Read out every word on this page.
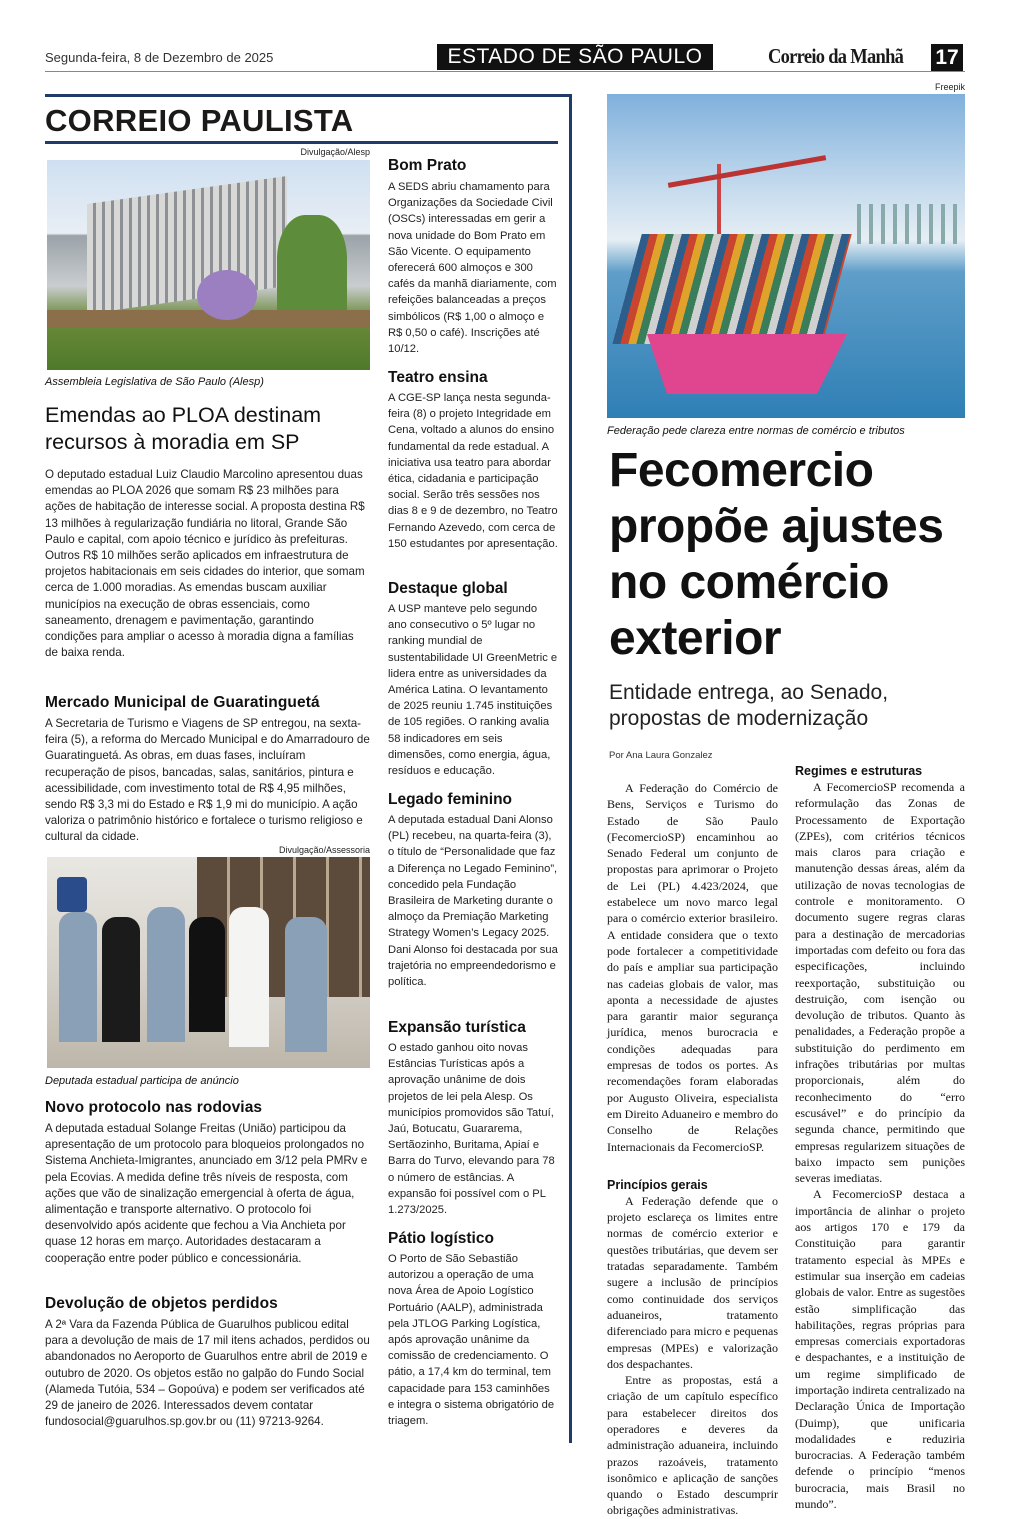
Segunda-feira, 8 de Dezembro de 2025	ESTADO DE SÃO PAULO	Correio da Manhã 17
CORREIO PAULISTA
Divulgação/Alesp
Assembleia Legislativa de São Paulo (Alesp)
Emendas ao PLOA destinam recursos à moradia em SP
O deputado estadual Luiz Claudio Marcolino apresentou duas emendas ao PLOA 2026 que somam R$ 23 milhões para ações de habitação de interesse social. A proposta destina R$ 13 milhões à regularização fundiária no litoral, Grande São Paulo e capital, com apoio técnico e jurídico às prefeituras. Outros R$ 10 milhões serão aplicados em infraestrutura de projetos habitacionais em seis cidades do interior, que somam cerca de 1.000 moradias. As emendas buscam auxiliar municípios na execução de obras essenciais, como saneamento, drenagem e pavimentação, garantindo condições para ampliar o acesso à moradia digna a famílias de baixa renda.
Mercado Municipal de Guaratinguetá
A Secretaria de Turismo e Viagens de SP entregou, na sexta-feira (5), a reforma do Mercado Municipal e do Amarradouro de Guaratinguetá. As obras, em duas fases, incluíram recuperação de pisos, bancadas, salas, sanitários, pintura e acessibilidade, com investimento total de R$ 4,95 milhões, sendo R$ 3,3 mi do Estado e R$ 1,9 mi do município. A ação valoriza o patrimônio histórico e fortalece o turismo religioso e cultural da cidade.
Divulgação/Assessoria
Deputada estadual participa de anúncio
Novo protocolo nas rodovias
A deputada estadual Solange Freitas (União) participou da apresentação de um protocolo para bloqueios prolongados no Sistema Anchieta-Imigrantes, anunciado em 3/12 pela PMRv e pela Ecovias. A medida define três níveis de resposta, com ações que vão de sinalização emergencial à oferta de água, alimentação e transporte alternativo. O protocolo foi desenvolvido após acidente que fechou a Via Anchieta por quase 12 horas em março. Autoridades destacaram a cooperação entre poder público e concessionária.
Devolução de objetos perdidos
A 2ª Vara da Fazenda Pública de Guarulhos publicou edital para a devolução de mais de 17 mil itens achados, perdidos ou abandonados no Aeroporto de Guarulhos entre abril de 2019 e outubro de 2020. Os objetos estão no galpão do Fundo Social (Alameda Tutóia, 534 – Gopoúva) e podem ser verificados até 29 de janeiro de 2026. Interessados devem contatar fundosocial@guarulhos.sp.gov.br ou (11) 97213-9264.
Bom Prato
A SEDS abriu chamamento para Organizações da Sociedade Civil (OSCs) interessadas em gerir a nova unidade do Bom Prato em São Vicente. O equipamento oferecerá 600 almoços e 300 cafés da manhã diariamente, com refeições balanceadas a preços simbólicos (R$ 1,00 o almoço e R$ 0,50 o café). Inscrições até 10/12.
Teatro ensina
A CGE-SP lança nesta segunda-feira (8) o projeto Integridade em Cena, voltado a alunos do ensino fundamental da rede estadual. A iniciativa usa teatro para abordar ética, cidadania e participação social. Serão três sessões nos dias 8 e 9 de dezembro, no Teatro Fernando Azevedo, com cerca de 150 estudantes por apresentação.
Destaque global
A USP manteve pelo segundo ano consecutivo o 5º lugar no ranking mundial de sustentabilidade UI GreenMetric e lidera entre as universidades da América Latina. O levantamento de 2025 reuniu 1.745 instituições de 105 regiões. O ranking avalia 58 indicadores em seis dimensões, como energia, água, resíduos e educação.
Legado feminino
A deputada estadual Dani Alonso (PL) recebeu, na quarta-feira (3), o título de “Personalidade que faz a Diferença no Legado Feminino”, concedido pela Fundação Brasileira de Marketing durante o almoço da Premiação Marketing Strategy Women’s Legacy 2025. Dani Alonso foi destacada por sua trajetória no empreendedorismo e política.
Expansão turística
O estado ganhou oito novas Estâncias Turísticas após a aprovação unânime de dois projetos de lei pela Alesp. Os municípios promovidos são Tatuí, Jaú, Botucatu, Guararema, Sertãozinho, Buritama, Apiaí e Barra do Turvo, elevando para 78 o número de estâncias. A expansão foi possível com o PL 1.273/2025.
Pátio logístico
O Porto de São Sebastião autorizou a operação de uma nova Área de Apoio Logístico Portuário (AALP), administrada pela JTLOG Parking Logística, após aprovação unânime da comissão de credenciamento. O pátio, a 17,4 km do terminal, tem capacidade para 153 caminhões e integra o sistema obrigatório de triagem.
Freepik
Federação pede clareza entre normas de comércio e tributos
Fecomercio propõe ajustes no comércio exterior
Entidade entrega, ao Senado, propostas de modernização
Por Ana Laura Gonzalez

A Federação do Comércio de Bens, Serviços e Turismo do Estado de São Paulo (FecomercioSP) encaminhou ao Senado Federal um conjunto de propostas para aprimorar o Projeto de Lei (PL) 4.423/2024, que estabelece um novo marco legal para o comércio exterior brasileiro. A entidade considera que o texto pode fortalecer a competitividade do país e ampliar sua participação nas cadeias globais de valor, mas aponta a necessidade de ajustes para garantir maior segurança jurídica, menos burocracia e condições adequadas para empresas de todos os portes. As recomendações foram elaboradas por Augusto Oliveira, especialista em Direito Aduaneiro e membro do Conselho de Relações Internacionais da FecomercioSP.

Princípios gerais

A Federação defende que o projeto esclareça os limites entre normas de comércio exterior e questões tributárias, que devem ser tratadas separadamente. Também sugere a inclusão de princípios como continuidade dos serviços aduaneiros, tratamento diferenciado para micro e pequenas empresas (MPEs) e valorização dos despachantes.

Entre as propostas, está a criação de um capítulo específico para estabelecer direitos dos operadores e deveres da administração aduaneira, incluindo prazos razoáveis, tratamento isonômico e aplicação de sanções quando o Estado descumprir obrigações administrativas.

Regimes e estruturas

A FecomercioSP recomenda a reformulação das Zonas de Processamento de Exportação (ZPEs), com critérios técnicos mais claros para criação e manutenção dessas áreas, além da utilização de novas tecnologias de controle e monitoramento. O documento sugere regras claras para a destinação de mercadorias importadas com defeito ou fora das especificações, incluindo reexportação, substituição ou destruição, com isenção ou devolução de tributos. Quanto às penalidades, a Federação propõe a substituição do perdimento em infrações tributárias por multas proporcionais, além do reconhecimento do “erro escusável” e do princípio da segunda chance, permitindo que empresas regularizem situações de baixo impacto sem punições severas imediatas.

A FecomercioSP destaca a importância de alinhar o projeto aos artigos 170 e 179 da Constituição para garantir tratamento especial às MPEs e estimular sua inserção em cadeias globais de valor. Entre as sugestões estão simplificação das habilitações, regras próprias para empresas comerciais exportadoras e despachantes, e a instituição de um regime simplificado de importação indireta centralizado na Declaração Única de Importação (Duimp), que unificaria modalidades e reduziria burocracias. A Federação também defende o princípio “menos burocracia, mais Brasil no mundo”.
